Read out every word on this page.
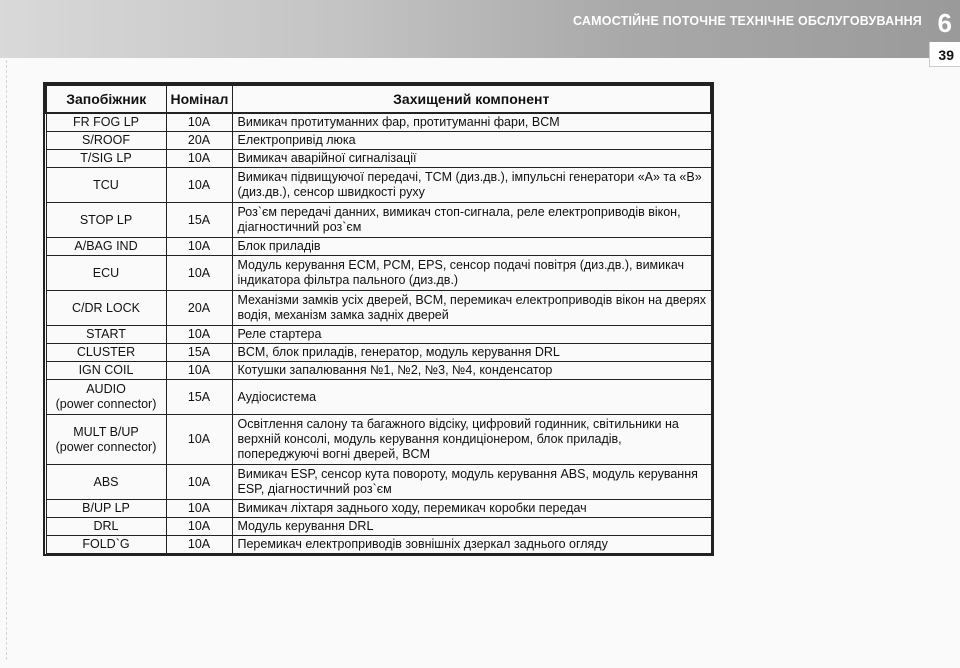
САМОСТІЙНЕ ПОТОЧНЕ ТЕХНІЧНЕ ОБСЛУГОВУВАННЯ 6
39
Запобіжник	Номінал	Захищений компонент
FR FOG LP	10A	Вимикач протитуманних фар, протитуманні фари, BCM
S/ROOF	20A	Електропривід люка
T/SIG LP	10A	Вимикач аварійної сигналізації
TCU	10A	Вимикач підвищуючої передачі, TCM (диз.дв.), імпульсні генератори «A» та «B» (диз.дв.), сенсор швидкості руху
STOP LP	15A	Роз`єм передачі данних, вимикач стоп-сигнала, реле електроприводів вікон, діагностичний роз`єм
A/BAG IND	10A	Блок приладів
ECU	10A	Модуль керування ECM, PCM, EPS, сенсор подачі повітря (диз.дв.), вимикач індикатора фільтра пального (диз.дв.)
C/DR LOCK	20A	Механізми замків усіх дверей, BCM, перемикач електроприводів вікон на дверях водія, механізм замка задніх дверей
START	10A	Реле стартера
CLUSTER	15A	BCM, блок приладів, генератор, модуль керування DRL
IGN COIL	10A	Котушки запалювання №1, №2, №3, №4, конденсатор
AUDIO
(power connector)	15A	Аудіосистема
MULT B/UP
(power connector)	10A	Освітлення салону та багажного відсіку, цифровий годинник, світильники на верхній консолі, модуль керування кондиціонером, блок приладів, попереджуючі вогні дверей, BCM
ABS	10A	Вимикач ESP, сенсор кута повороту, модуль керування ABS, модуль керування ESP, діагностичний роз`єм
B/UP LP	10A	Вимикач ліхтаря заднього ходу, перемикач коробки передач
DRL	10A	Модуль керування DRL
FOLD`G	10A	Перемикач електроприводів зовнішніх дзеркал заднього огляду
